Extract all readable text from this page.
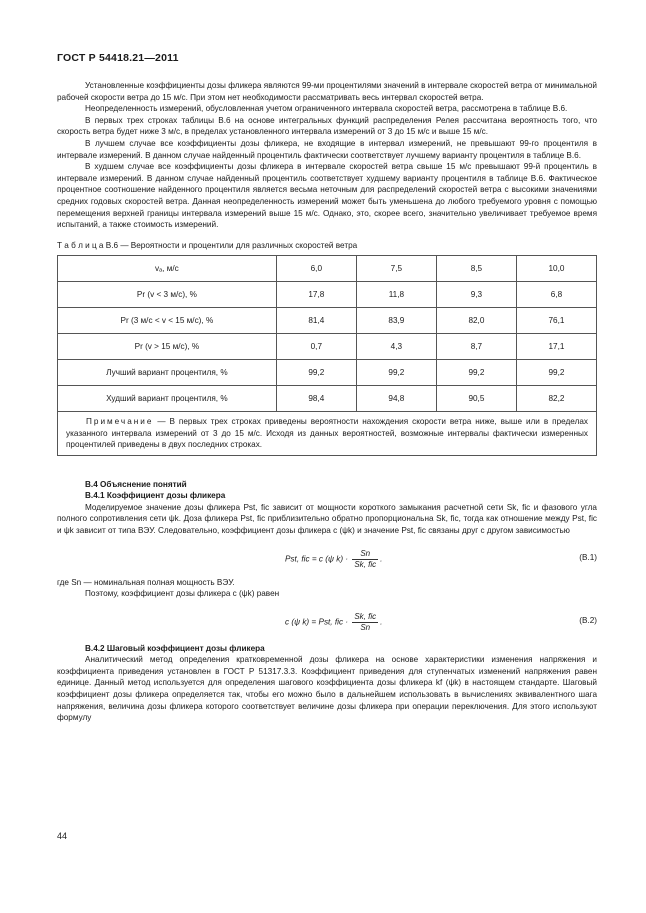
ГОСТ Р 54418.21—2011

Установленные коэффициенты дозы фликера являются 99-ми процентилями значений в интервале скоростей ветра от минимальной рабочей скорости ветра до 15 м/с. При этом нет необходимости рассматривать весь интервал скоростей ветра.

Неопределенность измерений, обусловленная учетом ограниченного интервала скоростей ветра, рассмотрена в таблице В.6.

В первых трех строках таблицы В.6 на основе интегральных функций распределения Релея рассчитана вероятность того, что скорость ветра будет ниже 3 м/с, в пределах установленного интервала измерений от 3 до 15 м/с и выше 15 м/с.

В лучшем случае все коэффициенты дозы фликера, не входящие в интервал измерений, не превышают 99-го процентиля в интервале измерений. В данном случае найденный процентиль фактически соответствует лучшему варианту процентиля в таблице В.6.

В худшем случае все коэффициенты дозы фликера в интервале скоростей ветра свыше 15 м/с превышают 99-й процентиль в интервале измерений. В данном случае найденный процентиль соответствует худшему варианту процентиля в таблице В.6. Фактическое процентное соотношение найденного процентиля является весьма неточным для распределений скоростей ветра с высокими значениями средних годовых скоростей ветра. Данная неопределенность измерений может быть уменьшена до любого требуемого уровня с помощью перемещения верхней границы интервала измерений выше 15 м/с. Однако, это, скорее всего, значительно увеличивает требуемое время испытаний, а также стоимость измерений.

Т а б л и ц а В.6 — Вероятности и процентили для различных скоростей ветра
vₐ, м/с	6,0	7,5	8,5	10,0
Pr (v < 3 м/с), %	17,8	11,8	9,3	6,8
Pr (3 м/с < v < 15 м/с), %	81,4	83,9	82,0	76,1
Pr (v > 15 м/с), %	0,7	4,3	8,7	17,1
Лучший вариант процентиля, %	99,2	99,2	99,2	99,2
Худший вариант процентиля, %	98,4	94,8	90,5	82,2
Примечание — В первых трех строках приведены вероятности нахождения скорости ветра ниже, выше или в пределах указанного интервала измерений от 3 до 15 м/с. Исходя из данных вероятностей, возможные интервалы фактически измеренных процентилей приведены в двух последних строках.				
В.4 Объяснение понятий
В.4.1 Коэффициент дозы фликера

Моделируемое значение дозы фликера Pst, fic зависит от мощности короткого замыкания расчетной сети Sk, fic и фазового угла полного сопротивления сети ψk. Доза фликера Pst, fic приблизительно обратно пропорциональна Sk, fic, тогда как отношение между Pst, fic и ψk зависит от типа ВЭУ. Следовательно, коэффициент дозы фликера c (ψk) и значение Pst, fic связаны друг с другом зависимостью

Pst, fic = c (ψ $k) \cdot \frac{Sn}{\text{Sk, fic}}$ .	(В.1)

где Sn — номинальная полная мощность ВЭУ.

Поэтому, коэффициент дозы фликера c (ψk) равен

c (ψ k) = Pst, fic · $\frac{\text{Sk, fic}}{Sn}$ .	(В.2)
В.4.2 Шаговый коэффициент дозы фликера

Аналитический метод определения кратковременной дозы фликера на основе характеристики изменения напряжения и коэффициента приведения установлен в ГОСТ Р 51317.3.3. Коэффициент приведения для ступенчатых изменений напряжения равен единице. Данный метод используется для определения шагового коэффициента дозы фликера kf (ψk) в настоящем стандарте. Шаговый коэффициент дозы фликера определяется так, чтобы его можно было в дальнейшем использовать в вычислениях эквивалентного шага напряжения, величина дозы фликера которого соответствует величине дозы фликера при операции переключения. Для этого используют формулу

44
